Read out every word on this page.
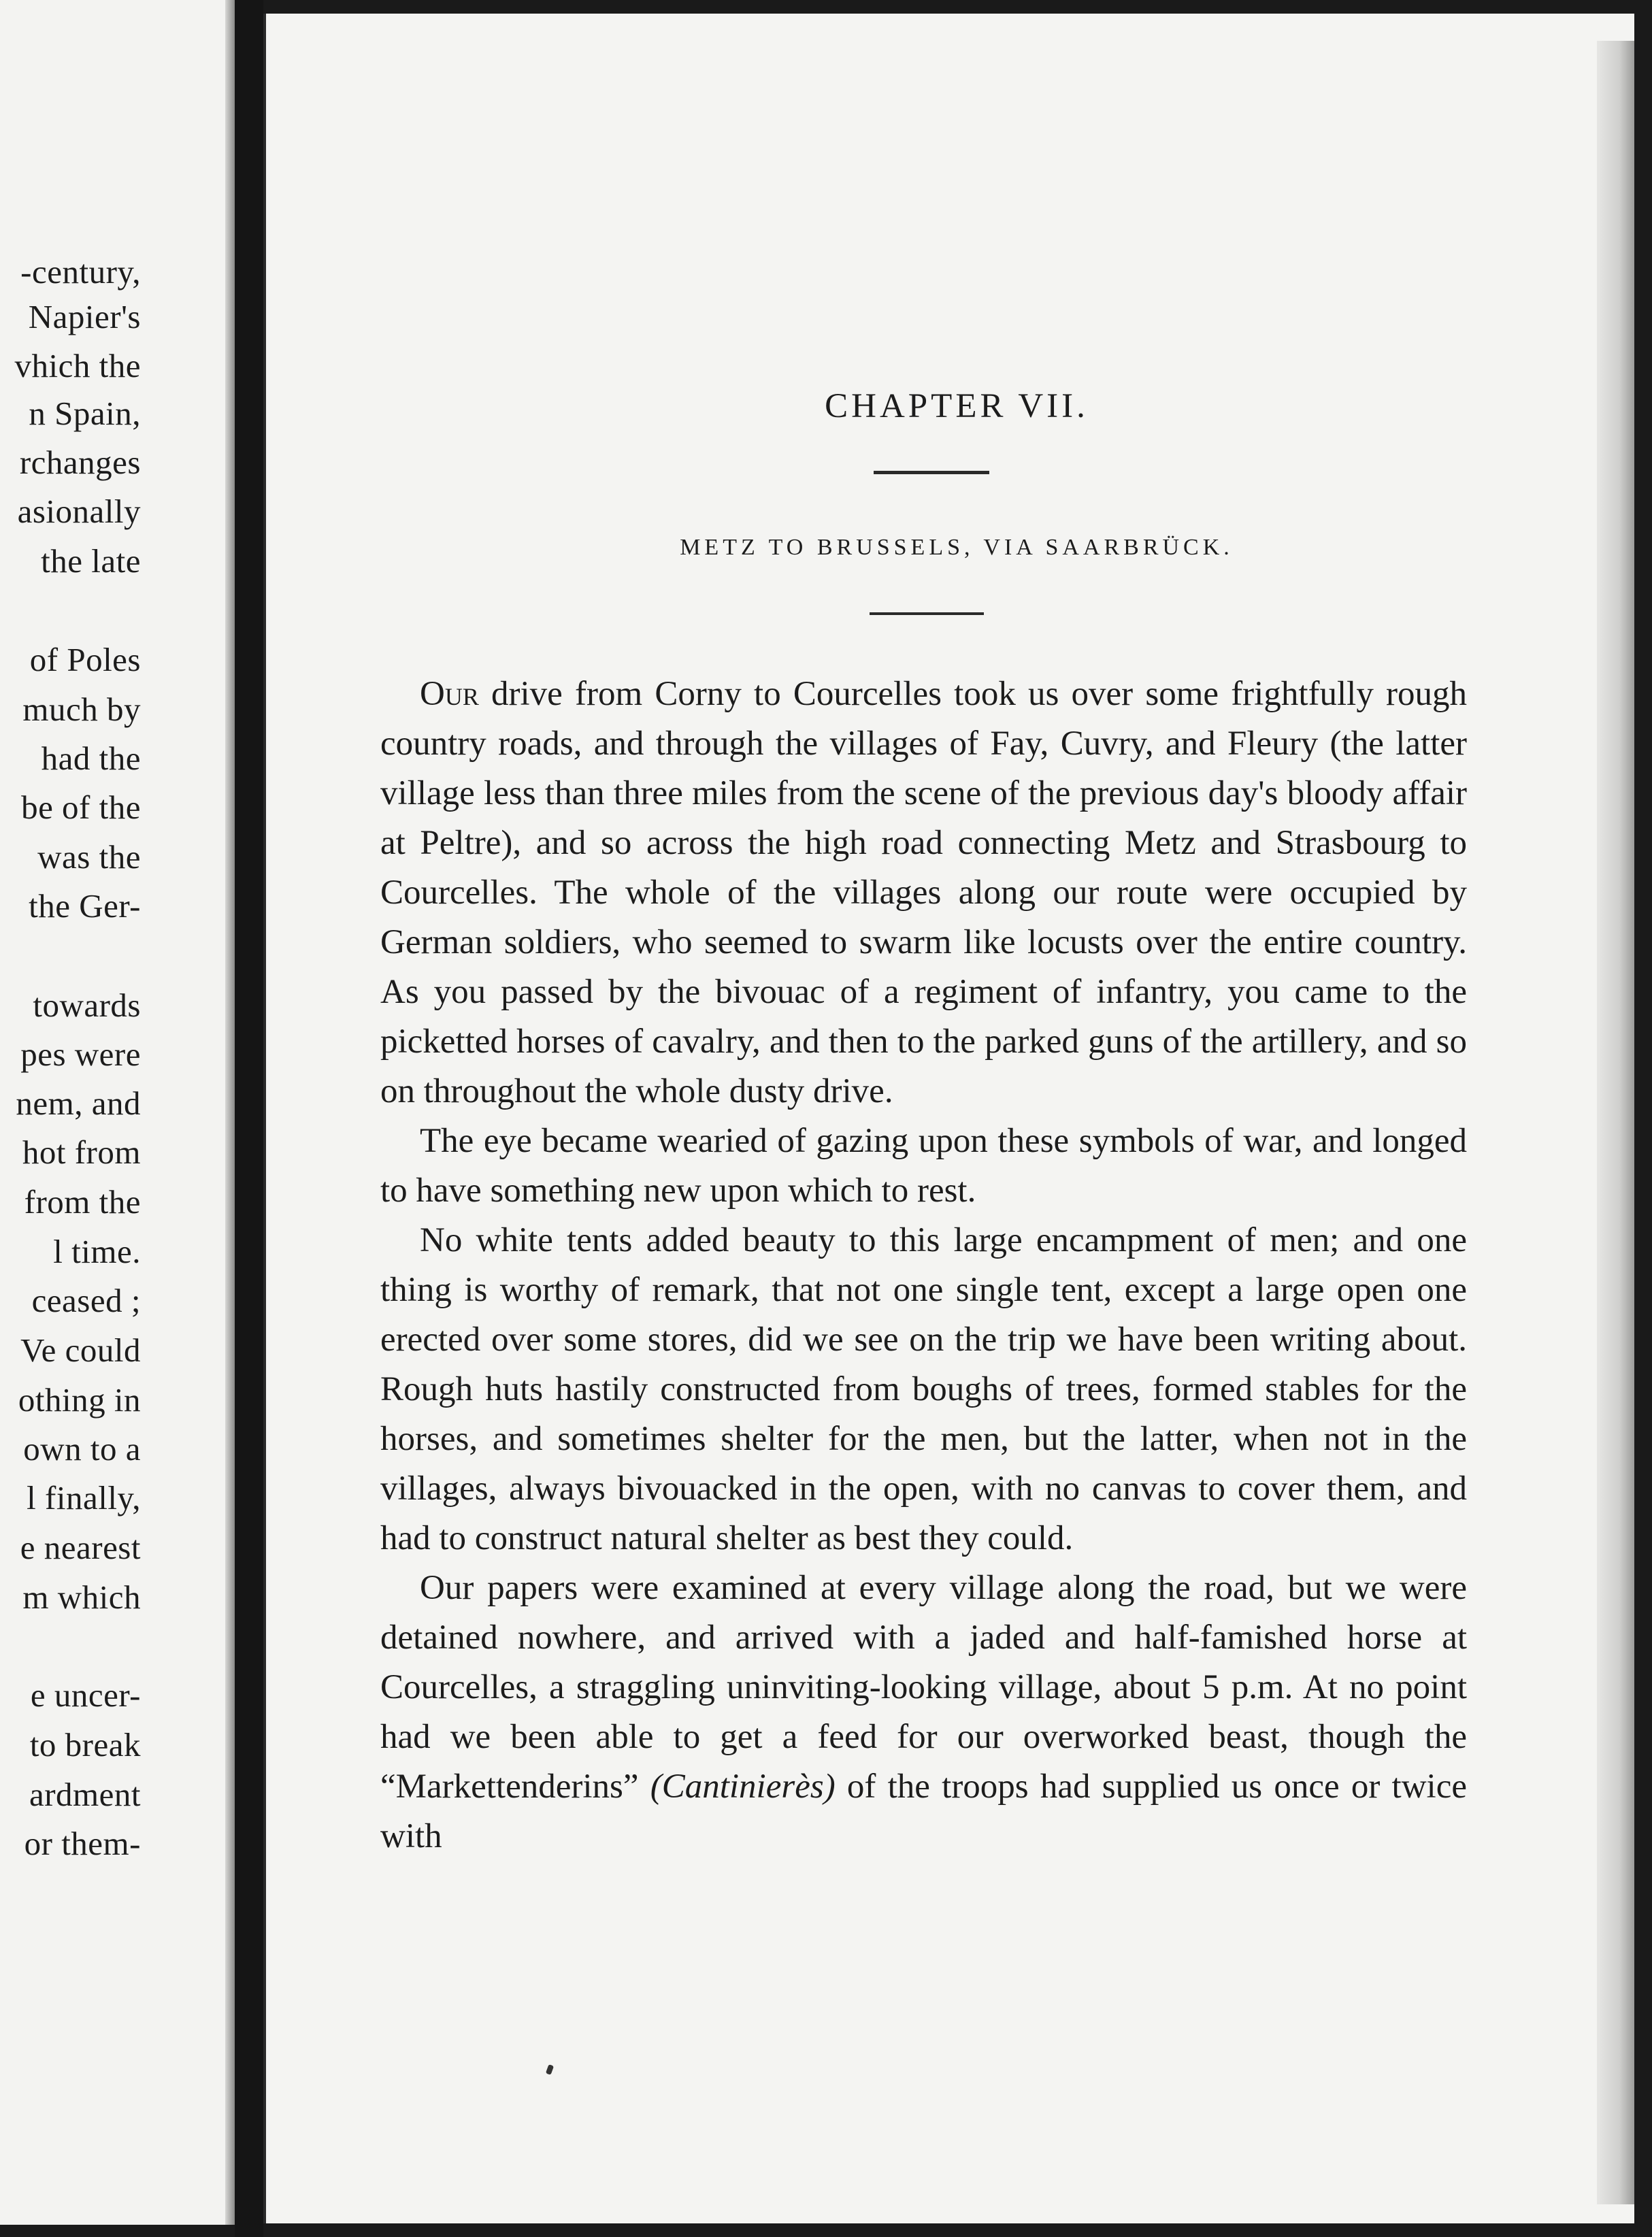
-century,
Napier's
vhich the
n Spain,
rchanges
asionally
the late
of Poles
much by
had the
be of the
was the
the Ger-
towards
pes were
nem, and
hot from
from the
l time.
ceased ;
Ve could
othing in
own to a
l finally,
e nearest
m which
e uncer-
to break
ardment
or them-
CHAPTER VII.
METZ TO BRUSSELS, VIA SAARBRÜCK.

Our drive from Corny to Courcelles took us over some frightfully rough country roads, and through the villages of Fay, Cuvry, and Fleury (the latter village less than three miles from the scene of the previous day's bloody affair at Peltre), and so across the high road connecting Metz and Strasbourg to Courcelles. The whole of the villages along our route were occupied by German soldiers, who seemed to swarm like locusts over the entire country. As you passed by the bivouac of a regiment of infantry, you came to the picketted horses of cavalry, and then to the parked guns of the artillery, and so on throughout the whole dusty drive.

The eye became wearied of gazing upon these symbols of war, and longed to have something new upon which to rest.

No white tents added beauty to this large encampment of men; and one thing is worthy of remark, that not one single tent, except a large open one erected over some stores, did we see on the trip we have been writing about. Rough huts hastily constructed from boughs of trees, formed stables for the horses, and sometimes shelter for the men, but the latter, when not in the villages, always bivouacked in the open, with no canvas to cover them, and had to construct natural shelter as best they could.

Our papers were examined at every village along the road, but we were detained nowhere, and arrived with a jaded and half-famished horse at Courcelles, a straggling uninviting-looking village, about 5 p.m. At no point had we been able to get a feed for our overworked beast, though the “Markettenderins” (Cantinierès) of the troops had supplied us once or twice with
